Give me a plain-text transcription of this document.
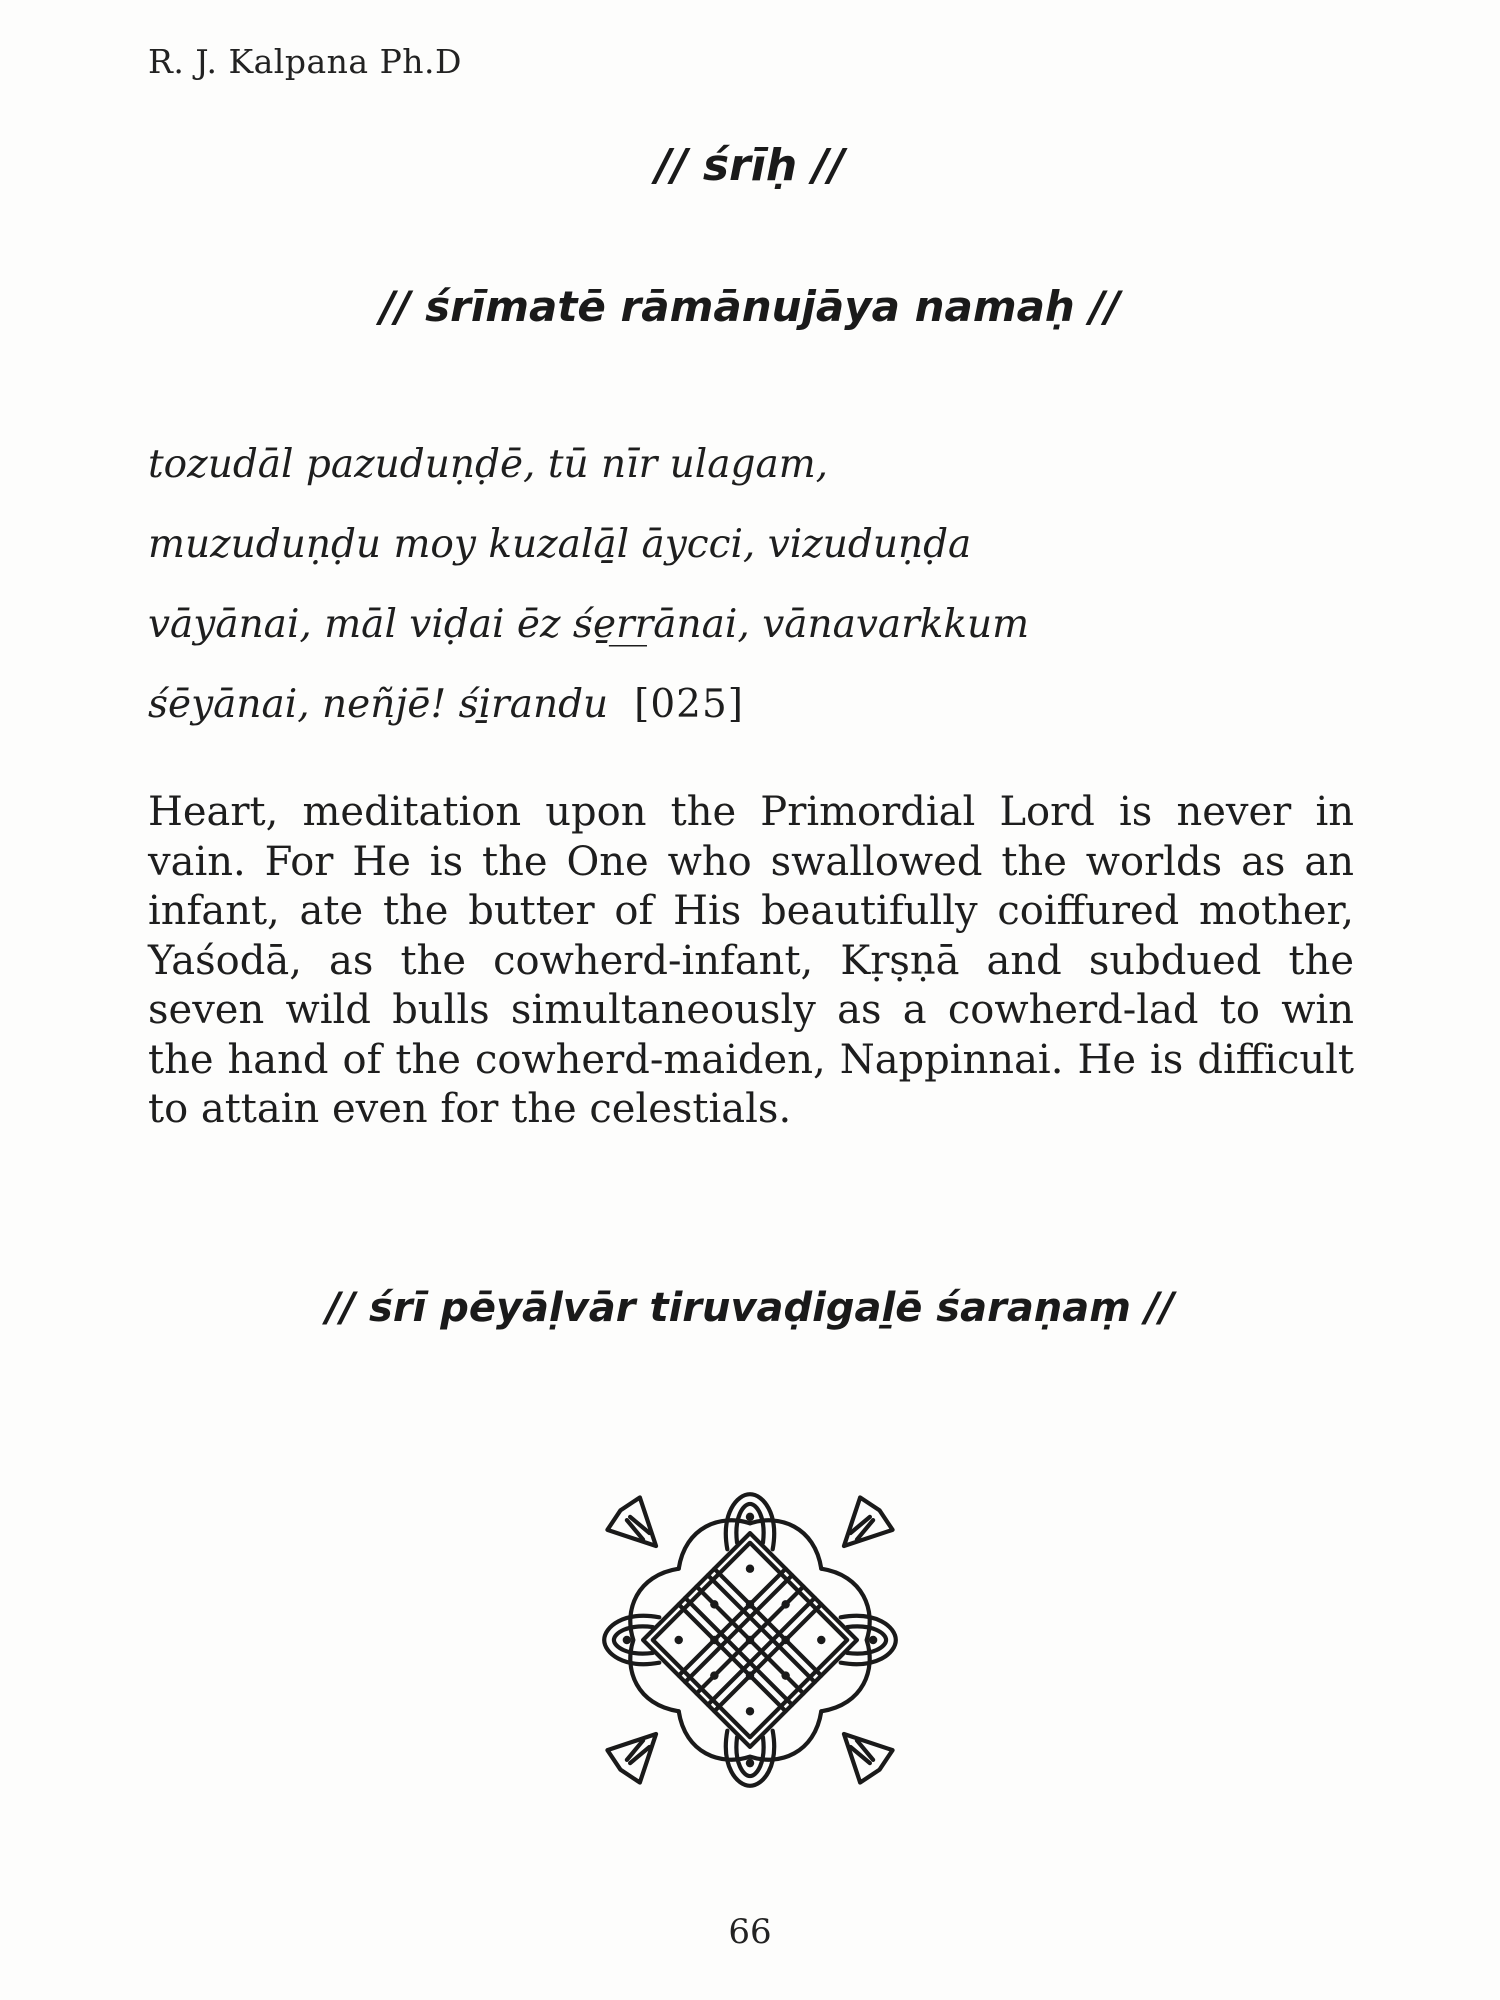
R. J. Kalpana Ph.D
// śrīḥ //
// śrīmatē rāmānujāya namaḥ //
tozudāl pazuduṇḍē, tū nīr ulagam,
muzuduṇḍu moy kuzalā̱l āycci, vizuduṇḍa
vāyānai, māl viḍai ēz śe̱r̲r̲ānai, vānavarkkum
śēyānai, neñjē! śi̱randu [025]
Heart, meditation upon the Primordial Lord is never in vain. For He is the One who swallowed the worlds as an infant, ate the butter of His beautifully coiffured mother, Yaśodā, as the cowherd-infant, Kṛṣṇā and subdued the seven wild bulls simultaneously as a cowherd-lad to win the hand of the cowherd-maiden, Nappinnai. He is difficult to attain even for the celestials.
// śrī pēyāḷvār tiruvaḍigaḻē śaraṇaṃ //
66
